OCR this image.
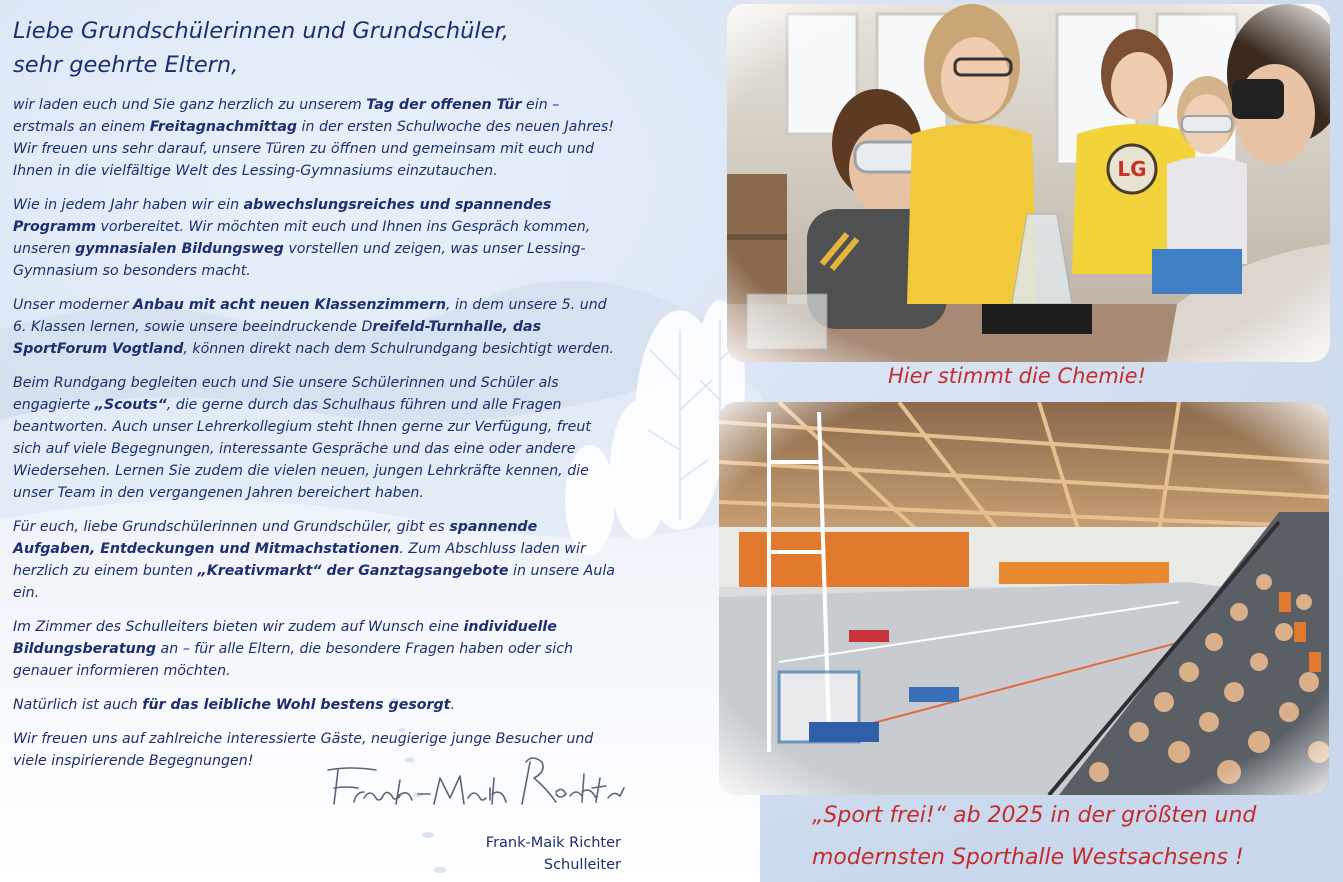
Liebe Grundschülerinnen und Grundschüler,
sehr geehrte Eltern,

wir laden euch und Sie ganz herzlich zu unserem Tag der offenen Tür ein – erstmals an einem Freitagnachmittag in der ersten Schulwoche des neuen Jahres! Wir freuen uns sehr darauf, unsere Türen zu öffnen und gemeinsam mit euch und Ihnen in die vielfältige Welt des Lessing-Gymnasiums einzutauchen.

Wie in jedem Jahr haben wir ein abwechslungsreiches und spannendes Programm vorbereitet. Wir möchten mit euch und Ihnen ins Gespräch kommen, unseren gymnasialen Bildungsweg vorstellen und zeigen, was unser Lessing-Gymnasium so besonders macht.

Unser moderner Anbau mit acht neuen Klassenzimmern, in dem unsere 5. und 6. Klassen lernen, sowie unsere beeindruckende Dreifeld-Turnhalle, das SportForum Vogtland, können direkt nach dem Schulrundgang besichtigt werden.

Beim Rundgang begleiten euch und Sie unsere Schülerinnen und Schüler als engagierte „Scouts“, die gerne durch das Schulhaus führen und alle Fragen beantworten. Auch unser Lehrerkollegium steht Ihnen gerne zur Verfügung, freut sich auf viele Begegnungen, interessante Gespräche und das eine oder andere Wiedersehen. Lernen Sie zudem die vielen neuen, jungen Lehrkräfte kennen, die unser Team in den vergangenen Jahren bereichert haben.

Für euch, liebe Grundschülerinnen und Grundschüler, gibt es spannende Aufgaben, Entdeckungen und Mitmachstationen. Zum Abschluss laden wir herzlich zu einem bunten „Kreativmarkt“ der Ganztagsangebote in unsere Aula ein.

Im Zimmer des Schulleiters bieten wir zudem auf Wunsch eine individuelle Bildungsberatung an – für alle Eltern, die besondere Fragen haben oder sich genauer informieren möchten.

Natürlich ist auch für das leibliche Wohl bestens gesorgt.

Wir freuen uns auf zahlreiche interessierte Gäste, neugierige junge Besucher und viele inspirierende Begegnungen!

Frank-Maik Richter
Schulleiter
Hier stimmt die Chemie!
„Sport frei!“ ab 2025 in der größten und
modernsten Sporthalle Westsachsens !
